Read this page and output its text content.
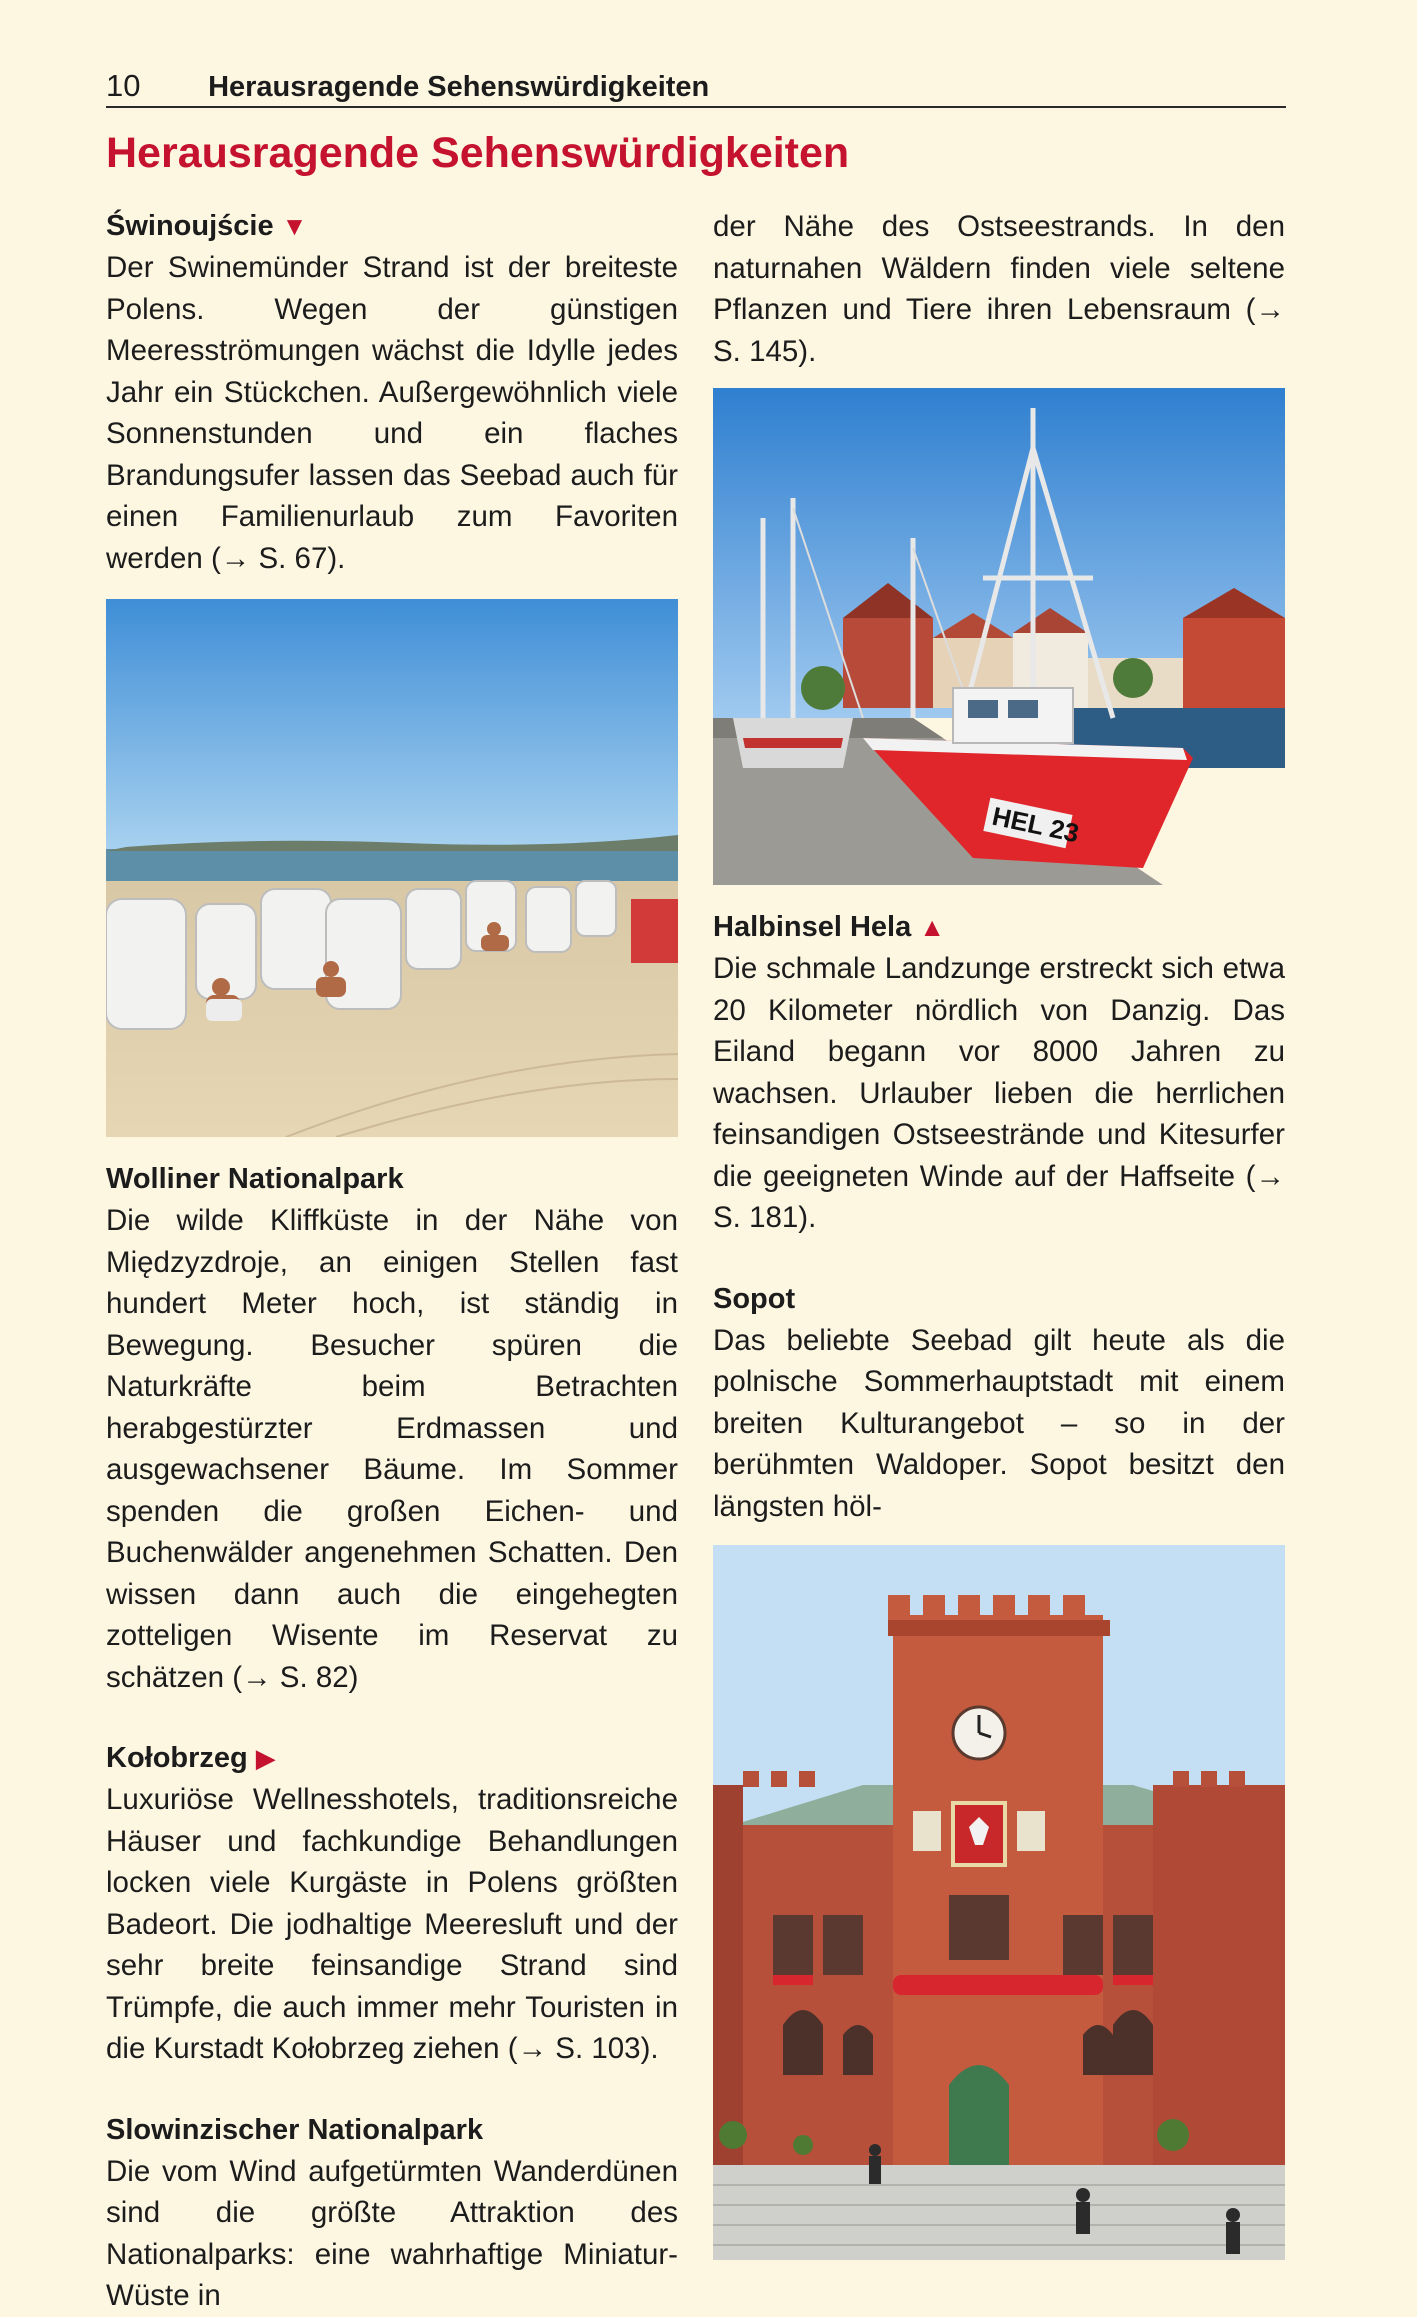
10 Herausragende Sehenswürdigkeiten
Herausragende Sehenswürdigkeiten
Świnoujście ▼

Der Swinemünder Strand ist der breiteste Polens. Wegen der günstigen Meeresströmungen wächst die Idylle jedes Jahr ein Stückchen. Außergewöhnlich viele Sonnenstunden und ein flaches Brandungsufer lassen das Seebad auch für einen Familienurlaub zum Favoriten werden (→ S. 67).

Wolliner Nationalpark

Die wilde Kliffküste in der Nähe von Międzyzdroje, an einigen Stellen fast hundert Meter hoch, ist ständig in Bewegung. Besucher spüren die Naturkräfte beim Betrachten herabgestürzter Erdmassen und ausgewachsener Bäume. Im Sommer spenden die großen Eichen- und Buchenwälder angenehmen Schatten. Den wissen dann auch die eingehegten zotteligen Wisente im Reservat zu schätzen (→ S. 82)

Kołobrzeg ▶

Luxuriöse Wellnesshotels, traditionsreiche Häuser und fachkundige Behandlungen locken viele Kurgäste in Polens größten Badeort. Die jodhaltige Meeresluft und der sehr breite feinsandige Strand sind Trümpfe, die auch immer mehr Touristen in die Kurstadt Kołobrzeg ziehen (→ S. 103).

Slowinzischer Nationalpark

Die vom Wind aufgetürmten Wanderdünen sind die größte Attraktion des Nationalparks: eine wahrhaftige Miniatur-Wüste in

der Nähe des Ostseestrands. In den naturnahen Wäldern finden viele seltene Pflanzen und Tiere ihren Lebensraum (→ S. 145).

HEL 23
Halbinsel Hela ▲

Die schmale Landzunge erstreckt sich etwa 20 Kilometer nördlich von Danzig. Das Eiland begann vor 8000 Jahren zu wachsen. Urlauber lieben die herrlichen feinsandigen Ostseestrände und Kitesurfer die geeigneten Winde auf der Haffseite (→ S. 181).

Sopot

Das beliebte Seebad gilt heute als die polnische Sommerhauptstadt mit einem breiten Kulturangebot – so in der berühmten Waldoper. Sopot besitzt den längsten höl-
